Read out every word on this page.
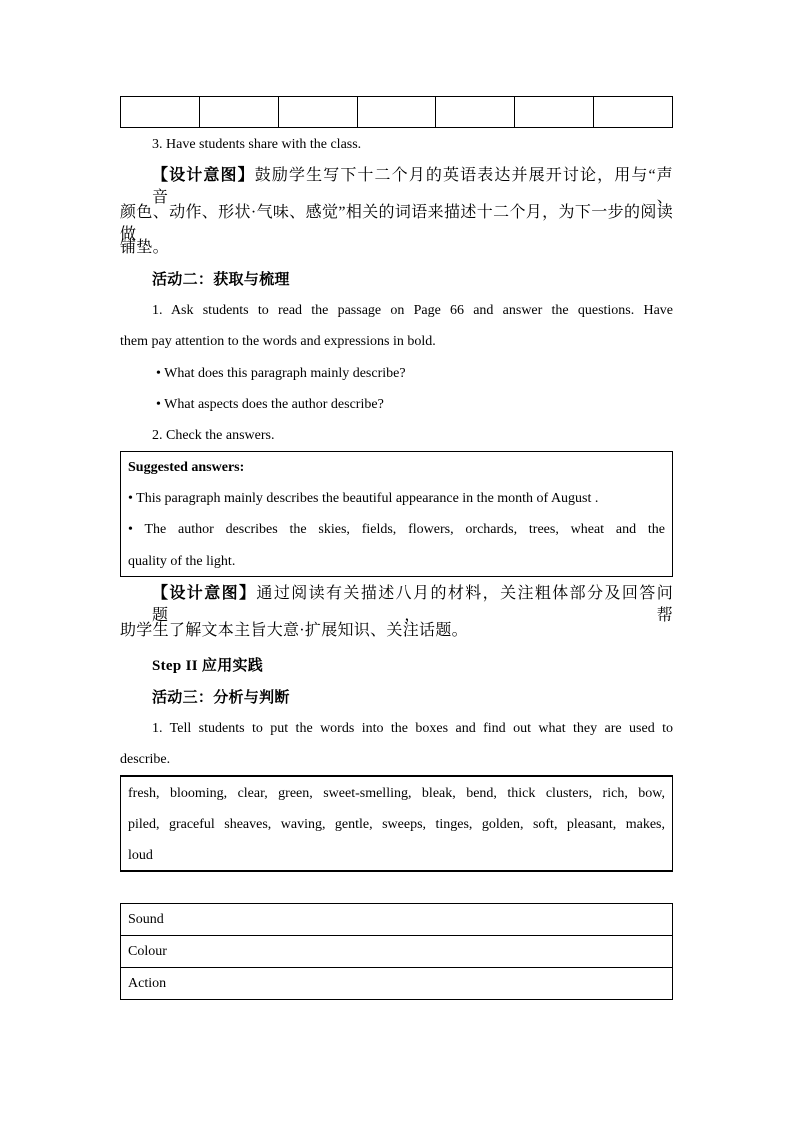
3. Have students share with the class.
【设计意图】鼓励学生写下十二个月的英语表达并展开讨论，用与“声音、
颜色、动作、形状·气味、感觉”相关的词语来描述十二个月，为下一步的阅读做
铺垫。
活动二：获取与梳理
1. Ask students to read the passage on Page 66 and answer the questions. Have
them pay attention to the words and expressions in bold.
• What does this paragraph mainly describe?
• What aspects does the author describe?
2. Check the answers.
Suggested answers:
• This paragraph mainly describes the beautiful appearance in the month of August .
• The author describes the skies, fields, flowers, orchards, trees, wheat and the
quality of the light.
【设计意图】通过阅读有关描述八月的材料，关注粗体部分及回答问题，帮
助学生了解文本主旨大意·扩展知识、关注话题。
Step II 应用实践
活动三：分析与判断
1. Tell students to put the words into the boxes and find out what they are used to
describe.
fresh, blooming, clear, green, sweet-smelling, bleak, bend, thick clusters, rich, bow,
piled, graceful sheaves, waving, gentle, sweeps, tinges, golden, soft, pleasant, makes,
loud
Sound
Colour
Action
